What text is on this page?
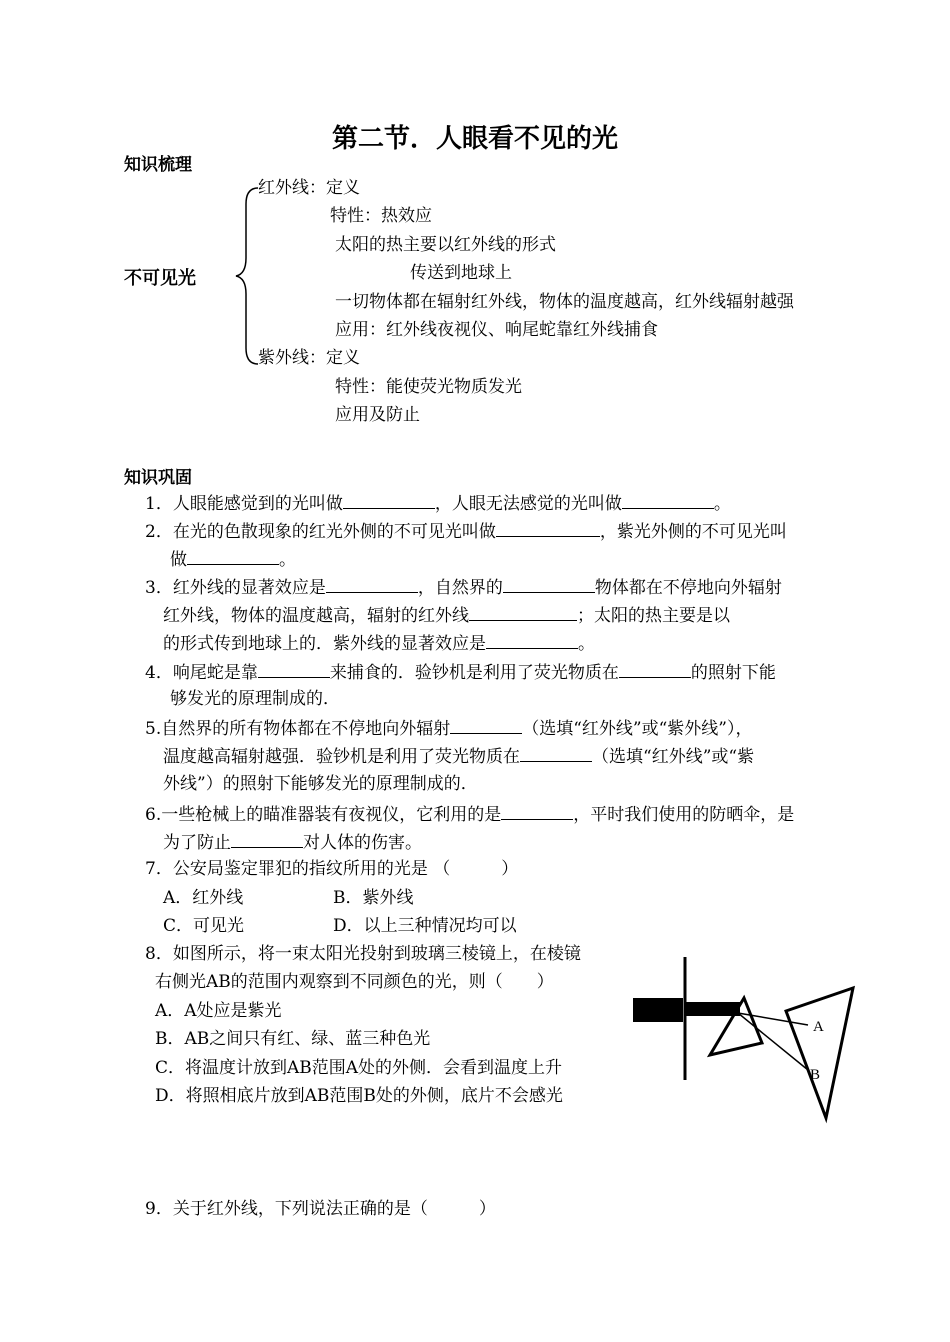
第二节．人眼看不见的光
知识梳理
不可见光
红外线：定义
特性：热效应
太阳的热主要以红外线的形式
传送到地球上
一切物体都在辐射红外线，物体的温度越高，红外线辐射越强
应用：红外线夜视仪、响尾蛇靠红外线捕食
紫外线：定义
特性：能使荧光物质发光
应用及防止
知识巩固
1．人眼能感觉到的光叫做	，人眼无法感觉的光叫做	。
2．在光的色散现象的红光外侧的不可见光叫做	，紫光外侧的不可见光叫
做	。
3．红外线的显著效应是	，自然界的	物体都在不停地向外辐射
红外线，物体的温度越高，辐射的红外线	；太阳的热主要是以
的形式传到地球上的．紫外线的显著效应是	。
4．响尾蛇是靠	来捕食的．验钞机是利用了荧光物质在	的照射下能
够发光的原理制成的．
5.自然界的所有物体都在不停地向外辐射	（选填“红外线”或“紫外线”），
温度越高辐射越强．验钞机是利用了荧光物质在	（选填“红外线”或“紫
外线”）的照射下能够发光的原理制成的．
6.一些枪械上的瞄准器装有夜视仪，它利用的是	，平时我们使用的防晒伞，是
为了防止	对人体的伤害。
7．公安局鉴定罪犯的指纹所用的光是 （　　　）
A．红外线	B．紫外线
C．可见光	D．以上三种情况均可以
8．如图所示，将一束太阳光投射到玻璃三棱镜上，在棱镜
右侧光AB的范围内观察到不同颜色的光，则（　　）
A．A处应是紫光
B．AB之间只有红、绿、蓝三种色光
C．将温度计放到AB范围A处的外侧．会看到温度上升
D．将照相底片放到AB范围B处的外侧，底片不会感光
A
B
9．关于红外线，下列说法正确的是（　　　）
